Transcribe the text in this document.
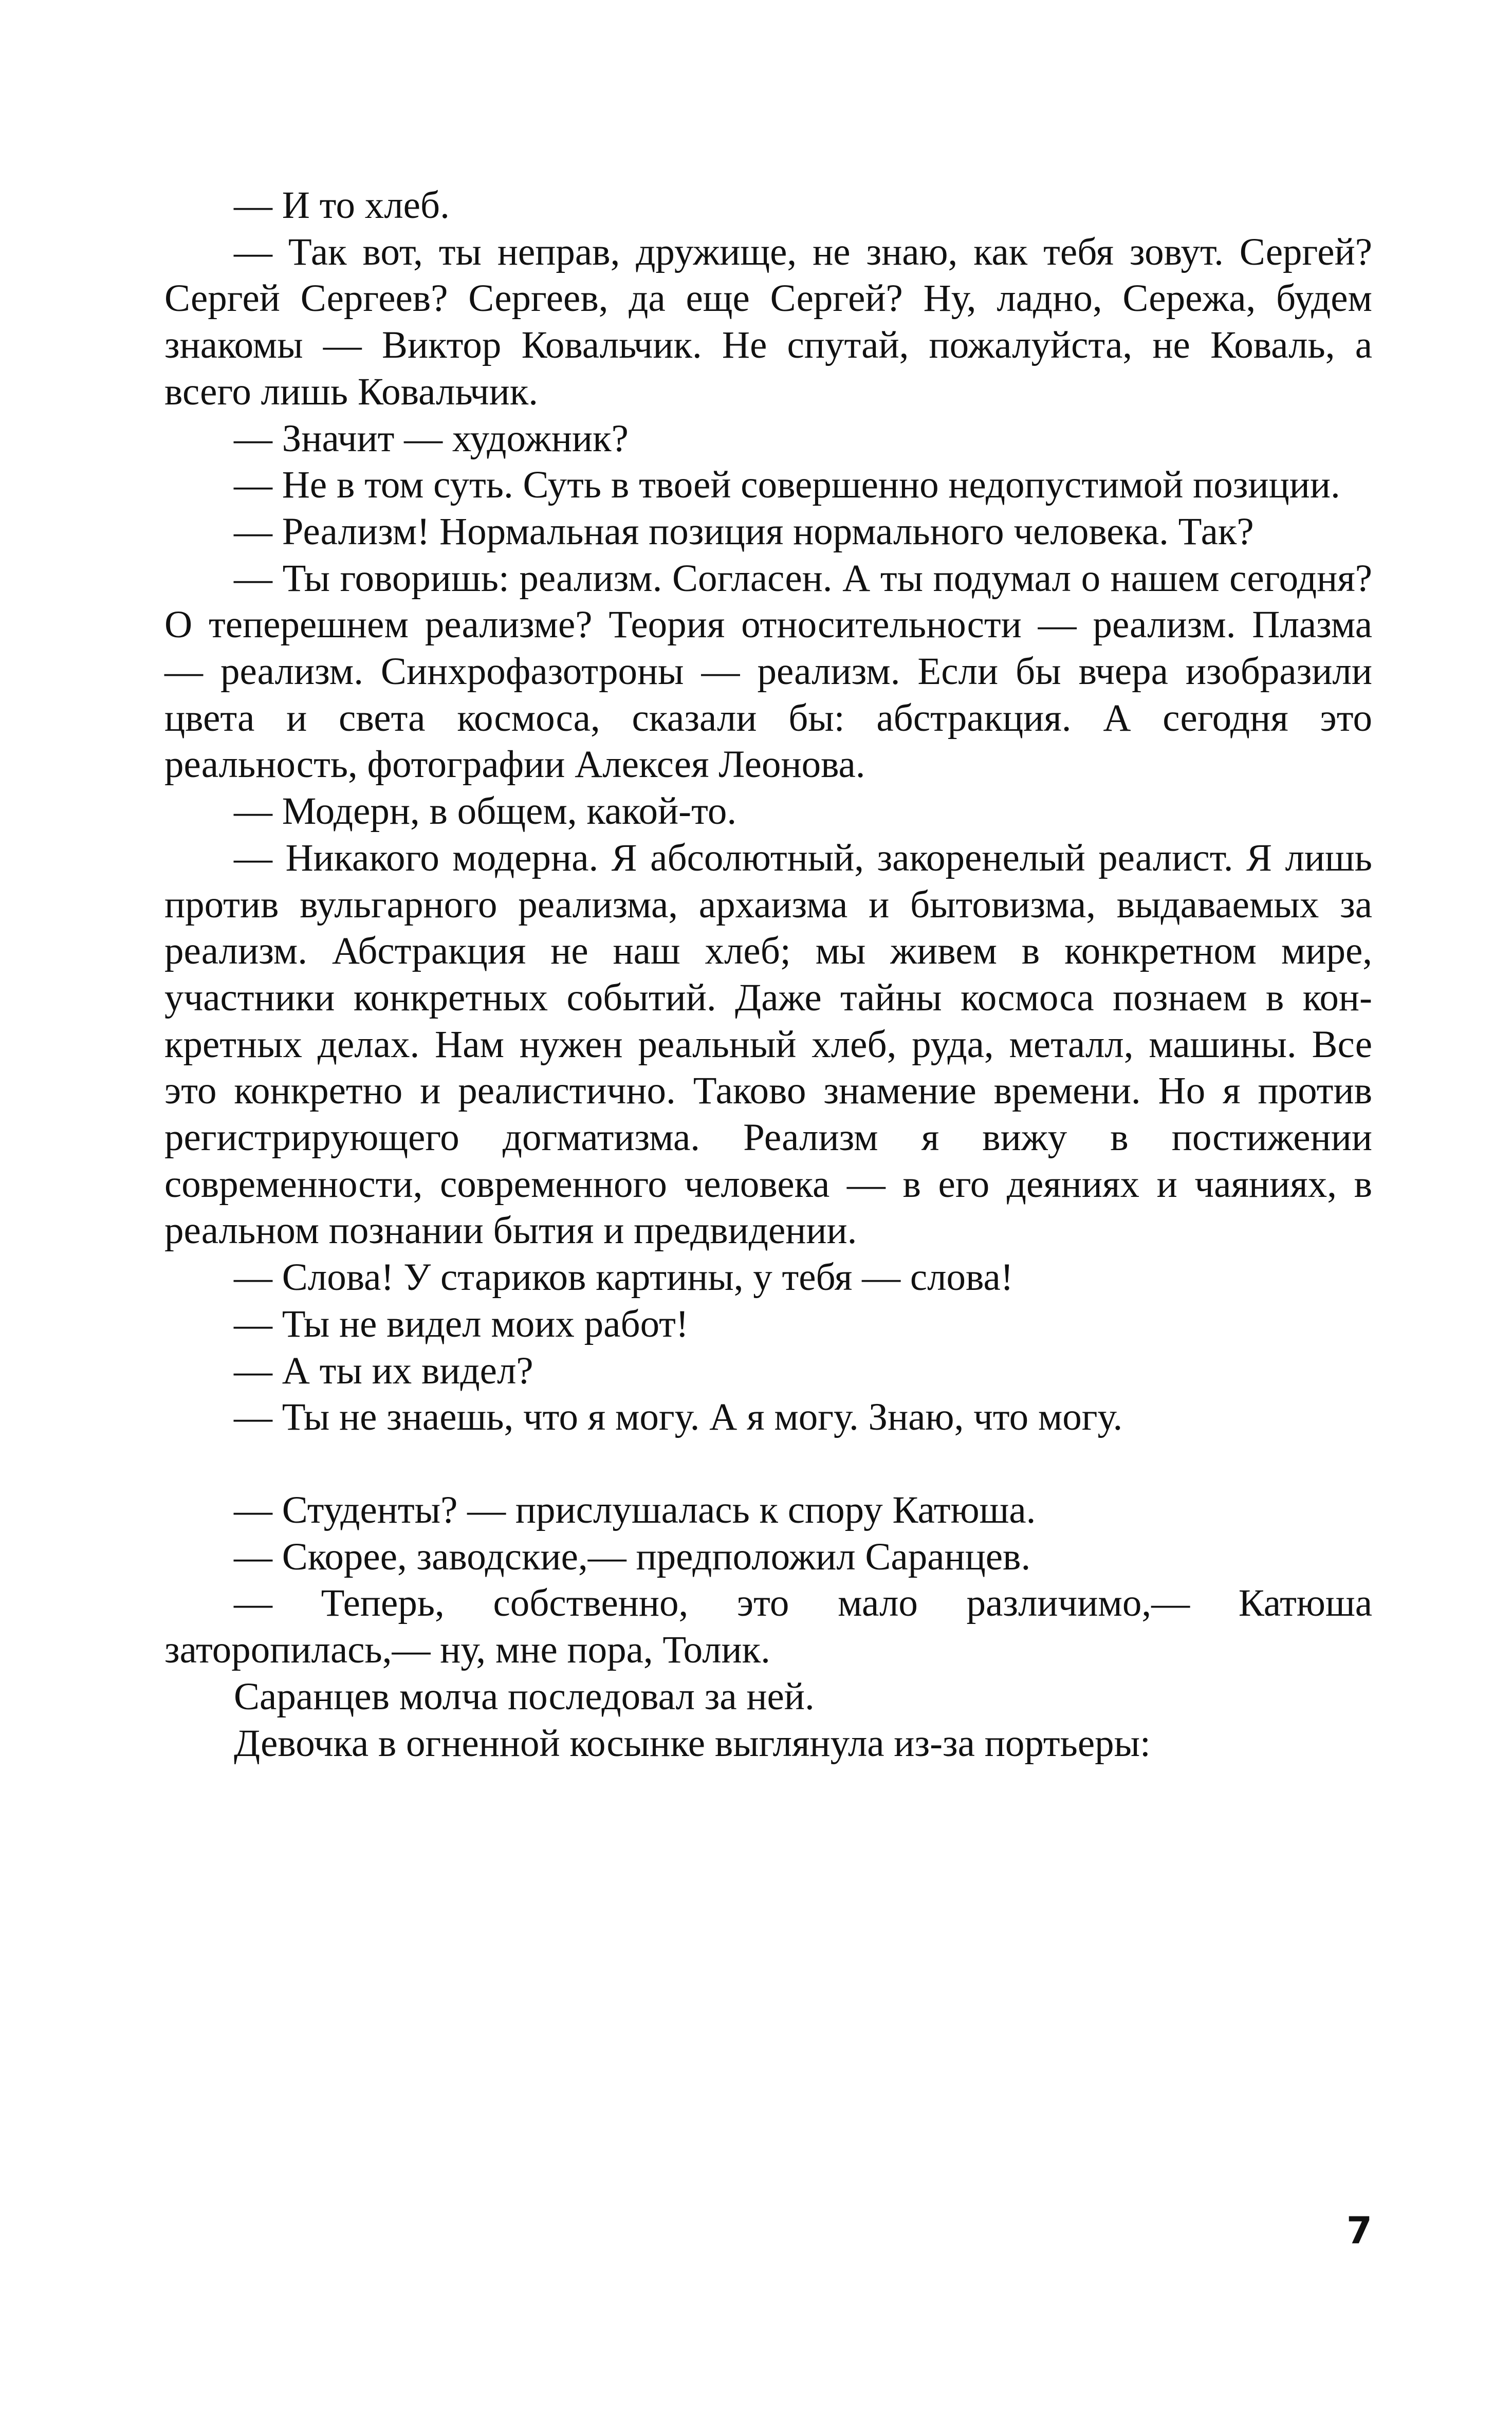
— И то хлеб.

— Так вот, ты неправ, дружище, не знаю, как тебя зовут. Сергей? Сергей Сергеев? Сергеев, да еще Сергей? Ну, ладно, Сережа, будем знакомы — Виктор Ковальчик. Не спутай, пожалуйста, не Коваль, а всего лишь Ковальчик.

— Значит — художник?

— Не в том суть. Суть в твоей совершенно недопустимой позиции.

— Реализм! Нормальная позиция нормального человека. Так?

— Ты говоришь: реализм. Согласен. А ты подумал о нашем сегодня? О теперешнем реализме? Теория относительности — реализм. Плазма — реализм. Синхрофазотроны — реализм. Если бы вчера изобразили цвета и света космоса, сказали бы: абстракция. А сегодня это реальность, фотографии Алексея Леонова.

— Модерн, в общем, какой-то.

— Никакого модерна. Я абсолютный, закоренелый реалист. Я лишь против вульгарного реализма, архаизма и бытовизма, выдаваемых за реализм. Абстракция не наш хлеб; мы живем в конкретном мире, участники конкретных событий. Даже тайны космоса познаем в конкретных делах. Нам нужен реальный хлеб, руда, металл, машины. Все это конкретно и реалистично. Таково знамение времени. Но я против регистрирующего догматизма. Реализм я вижу в постижении современности, современного человека — в его деяниях и чаяниях, в реальном познании бытия и предвидении.

— Слова! У стариков картины, у тебя — слова!

— Ты не видел моих работ!

— А ты их видел?

— Ты не знаешь, что я могу. А я могу. Знаю, что могу.

— Студенты? — прислушалась к спору Катюша.

— Скорее, заводские,— предположил Саранцев.

— Теперь, собственно, это мало различимо,— Катюша заторопилась,— ну, мне пора, Толик.

Саранцев молча последовал за ней.

Девочка в огненной косынке выглянула из-за портьеры:

7
